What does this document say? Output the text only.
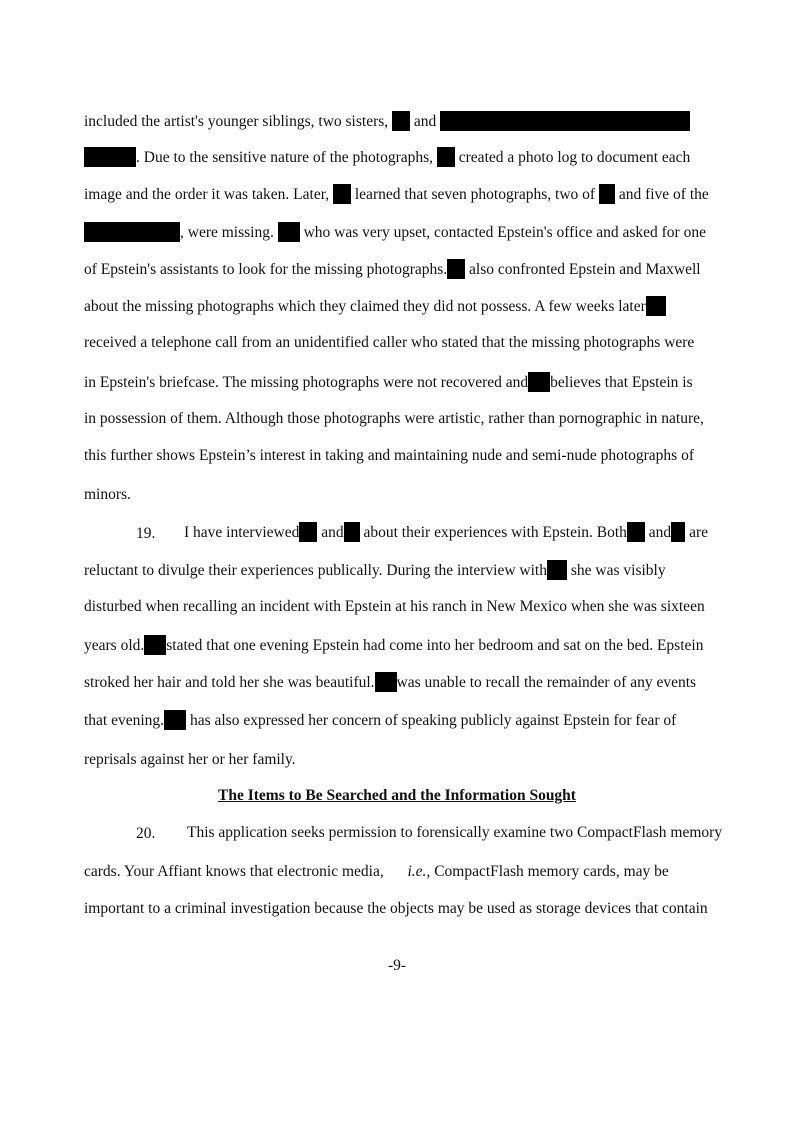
included the artist's younger siblings, two sisters, and
. Due to the sensitive nature of the photographs, created a photo log to document each
image and the order it was taken. Later, learned that seven photographs, two of and five of the
, were missing. who was very upset, contacted Epstein's office and asked for one
of Epstein's assistants to look for the missing photographs. also confronted Epstein and Maxwell
about the missing photographs which they claimed they did not possess. A few weeks later
received a telephone call from an unidentified caller who stated that the missing photographs were
in Epstein's briefcase. The missing photographs were not recovered and believes that Epstein is
in possession of them. Although those photographs were artistic, rather than pornographic in nature,
this further shows Epstein’s interest in taking and maintaining nude and semi-nude photographs of
minors.
19. I have interviewed and about their experiences with Epstein. Both and are
reluctant to divulge their experiences publically. During the interview with she was visibly
disturbed when recalling an incident with Epstein at his ranch in New Mexico when she was sixteen
years old. stated that one evening Epstein had come into her bedroom and sat on the bed. Epstein
stroked her hair and told her she was beautiful. was unable to recall the remainder of any events
that evening. has also expressed her concern of speaking publicly against Epstein for fear of
reprisals against her or her family.
The Items to Be Searched and the Information Sought
20. This application seeks permission to forensically examine two CompactFlash memory
cards. Your Affiant knows that electronic media, i.e., CompactFlash memory cards, may be
important to a criminal investigation because the objects may be used as storage devices that contain
-9-
